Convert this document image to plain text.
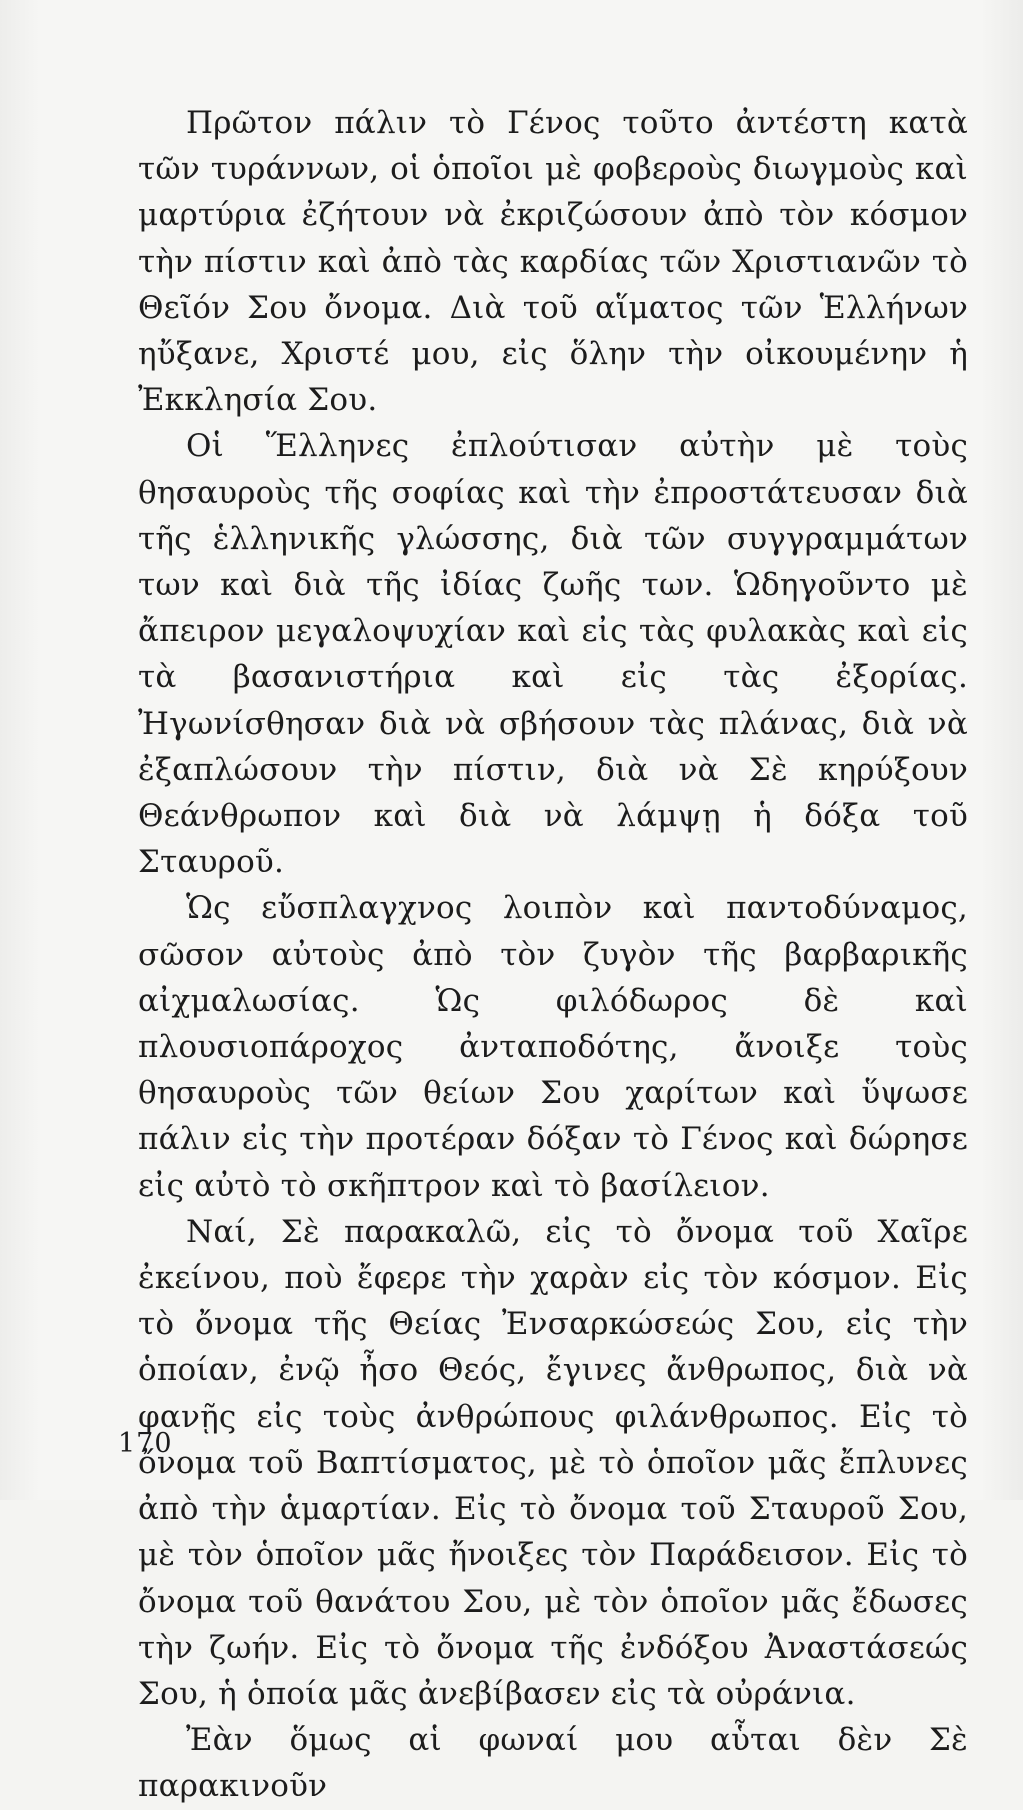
Πρῶτον πάλιν τὸ Γένος τοῦτο ἀντέστη κατὰ τῶν τυράννων, οἱ ὁποῖοι μὲ φοβεροὺς διωγμοὺς καὶ μαρτύρια ἐζήτουν νὰ ἐκριζώσουν ἀπὸ τὸν κόσμον τὴν πίστιν καὶ ἀπὸ τὰς καρδίας τῶν Χριστιανῶν τὸ Θεῖόν Σου ὄνομα. Διὰ τοῦ αἵματος τῶν Ἑλλήνων ηὔξανε, Χριστέ μου, εἰς ὅλην τὴν οἰκουμένην ἡ Ἐκκλησία Σου.

Οἱ Ἕλληνες ἐπλούτισαν αὐτὴν μὲ τοὺς θησαυροὺς τῆς σοφίας καὶ τὴν ἐπροστάτευσαν διὰ τῆς ἑλληνικῆς γλώσσης, διὰ τῶν συγγραμμάτων των καὶ διὰ τῆς ἰδίας ζωῆς των. Ὡδηγοῦντο μὲ ἄπειρον μεγαλοψυχίαν καὶ εἰς τὰς φυλακὰς καὶ εἰς τὰ βασανιστήρια καὶ εἰς τὰς ἐξορίας. Ἠγωνίσθησαν διὰ νὰ σβήσουν τὰς πλάνας, διὰ νὰ ἐξαπλώσουν τὴν πίστιν, διὰ νὰ Σὲ κηρύξουν Θεάνθρωπον καὶ διὰ νὰ λάμψῃ ἡ δόξα τοῦ Σταυροῦ.

Ὡς εὔσπλαγχνος λοιπὸν καὶ παντοδύναμος, σῶσον αὐτοὺς ἀπὸ τὸν ζυγὸν τῆς βαρβαρικῆς αἰχμαλωσίας. Ὡς φιλόδωρος δὲ καὶ πλουσιοπάροχος ἀνταποδότης, ἄνοιξε τοὺς θησαυροὺς τῶν θείων Σου χαρίτων καὶ ὕψωσε πάλιν εἰς τὴν προτέραν δόξαν τὸ Γένος καὶ δώρησε εἰς αὐτὸ τὸ σκῆπτρον καὶ τὸ βασίλειον.

Ναί, Σὲ παρακαλῶ, εἰς τὸ ὄνομα τοῦ Χαῖρε ἐκείνου, ποὺ ἔφερε τὴν χαρὰν εἰς τὸν κόσμον. Εἰς τὸ ὄνομα τῆς Θείας Ἐνσαρκώσεώς Σου, εἰς τὴν ὁποίαν, ἐνῷ ἦσο Θεός, ἔγινες ἄνθρωπος, διὰ νὰ φανῇς εἰς τοὺς ἀνθρώπους φιλάνθρωπος. Εἰς τὸ ὄνομα τοῦ Βαπτίσματος, μὲ τὸ ὁποῖον μᾶς ἔπλυνες ἀπὸ τὴν ἁμαρτίαν. Εἰς τὸ ὄνομα τοῦ Σταυροῦ Σου, μὲ τὸν ὁποῖον μᾶς ἤνοιξες τὸν Παράδεισον. Εἰς τὸ ὄνομα τοῦ θανάτου Σου, μὲ τὸν ὁποῖον μᾶς ἔδωσες τὴν ζωήν. Εἰς τὸ ὄνομα τῆς ἐνδόξου Ἀναστάσεώς Σου, ἡ ὁποία μᾶς ἀνεβίβασεν εἰς τὰ οὐράνια.

Ἐὰν ὅμως αἱ φωναί μου αὗται δὲν Σὲ παρακινοῦν

170
